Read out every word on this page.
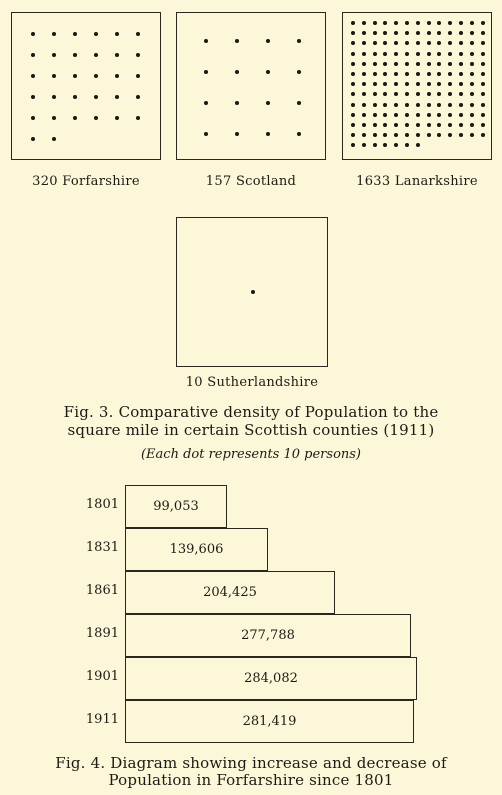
320 Forfarshire	157 Scotland	1633 Lanarkshire
10 Sutherlandshire
Fig. 3. Comparative density of Population to the
square mile in certain Scottish counties (1911)
(Each dot represents 10 persons)
1801	99,053
1831	139,606
1861	204,425
1891	277,788
1901	284,082
1911	281,419
Fig. 4. Diagram showing increase and decrease of
Population in Forfarshire since 1801
